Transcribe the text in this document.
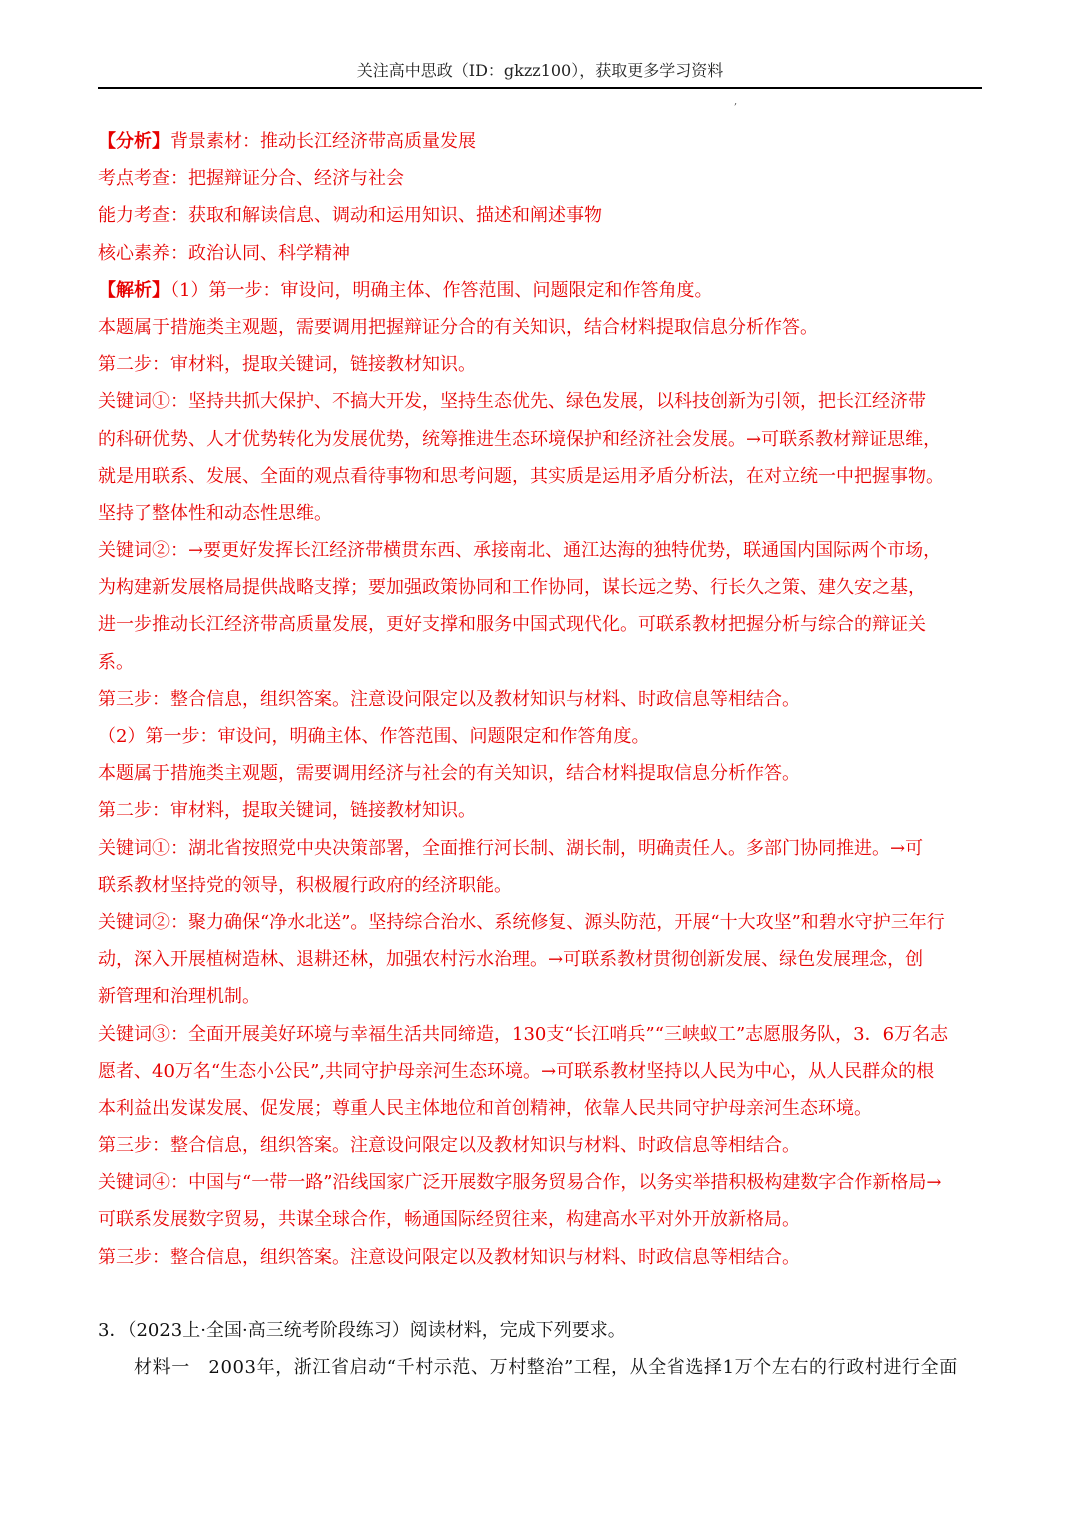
关注高中思政（ID：gkzz100），获取更多学习资料
,
【分析】背景素材：推动长江经济带高质量发展
考点考查：把握辩证分合、经济与社会
能力考查：获取和解读信息、调动和运用知识、描述和阐述事物
核心素养：政治认同、科学精神
【解析】（1）第一步：审设问，明确主体、作答范围、问题限定和作答角度。
本题属于措施类主观题，需要调用把握辩证分合的有关知识，结合材料提取信息分析作答。
第二步：审材料，提取关键词，链接教材知识。
关键词①：坚持共抓大保护、不搞大开发，坚持生态优先、绿色发展，以科技创新为引领，把长江经济带
的科研优势、人才优势转化为发展优势，统筹推进生态环境保护和经济社会发展。→可联系教材辩证思维，
就是用联系、发展、全面的观点看待事物和思考问题，其实质是运用矛盾分析法，在对立统一中把握事物。
坚持了整体性和动态性思维。
关键词②：→要更好发挥长江经济带横贯东西、承接南北、通江达海的独特优势，联通国内国际两个市场，
为构建新发展格局提供战略支撑；要加强政策协同和工作协同，谋长远之势、行长久之策、建久安之基，
进一步推动长江经济带高质量发展，更好支撑和服务中国式现代化。可联系教材把握分析与综合的辩证关
系。
第三步：整合信息，组织答案。注意设问限定以及教材知识与材料、时政信息等相结合。
（2）第一步：审设问，明确主体、作答范围、问题限定和作答角度。
本题属于措施类主观题，需要调用经济与社会的有关知识，结合材料提取信息分析作答。
第二步：审材料，提取关键词，链接教材知识。
关键词①：湖北省按照党中央决策部署，全面推行河长制、湖长制，明确责任人。多部门协同推进。→可
联系教材坚持党的领导，积极履行政府的经济职能。
关键词②：聚力确保“净水北送”。坚持综合治水、系统修复、源头防范，开展“十大攻坚”和碧水守护三年行
动，深入开展植树造林、退耕还林，加强农村污水治理。→可联系教材贯彻创新发展、绿色发展理念，创
新管理和治理机制。
关键词③：全面开展美好环境与幸福生活共同缔造，130支“长江哨兵”“三峡蚁工”志愿服务队，3．6万名志
愿者、40万名“生态小公民”,共同守护母亲河生态环境。→可联系教材坚持以人民为中心，从人民群众的根
本利益出发谋发展、促发展；尊重人民主体地位和首创精神，依靠人民共同守护母亲河生态环境。
第三步：整合信息，组织答案。注意设问限定以及教材知识与材料、时政信息等相结合。
关键词④：中国与“一带一路”沿线国家广泛开展数字服务贸易合作，以务实举措积极构建数字合作新格局→
可联系发展数字贸易，共谋全球合作，畅通国际经贸往来，构建高水平对外开放新格局。
第三步：整合信息，组织答案。注意设问限定以及教材知识与材料、时政信息等相结合。
3．（2023上·全国·高三统考阶段练习）阅读材料，完成下列要求。
材料一　2003年，浙江省启动“千村示范、万村整治”工程，从全省选择1万个左右的行政村进行全面
